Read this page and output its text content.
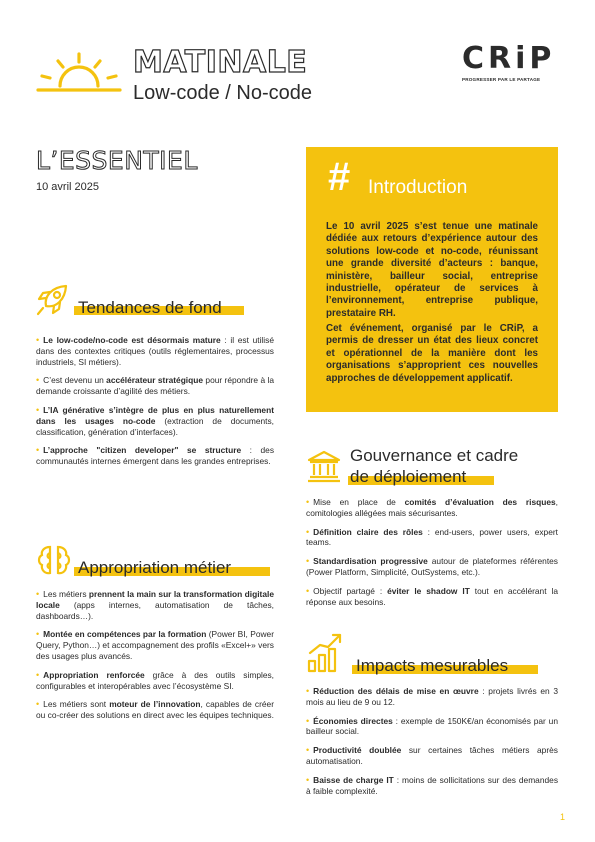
MATINALE
Low-code / No-code
CRiP
PROGRESSER PAR LE PARTAGE
L’ESSENTIEL
10 avril 2025	# Introduction

Le 10 avril 2025 s’est tenue une matinale dédiée aux retours d’expérience autour des solutions low-code et no-code, réunissant une grande diversité d’acteurs : banque, ministère, bailleur social, entreprise industrielle, opérateur de services à l’environnement, entreprise publique, prestataire RH.

Cet événement, organisé par le CRiP, a permis de dresser un état des lieux concret et opérationnel de la manière dont les organisations s’approprient ces nouvelles approches de développement applicatif.

Tendances de fond
• Le low-code/no-code est désormais mature : il est utilisé dans des contextes critiques (outils réglementaires, processus industriels, SI métiers).
• C’est devenu un accélérateur stratégique pour répondre à la demande croissante d’agilité des métiers.
• L’IA générative s’intègre de plus en plus naturellement dans les usages no-code (extraction de documents, classification, génération d’interfaces).
• L’approche "citizen developer" se structure : des communautés internes émergent dans les grandes entreprises.
Appropriation métier
• Les métiers prennent la main sur la transformation digitale locale (apps internes, automatisation de tâches, dashboards…).
• Montée en compétences par la formation (Power BI, Power Query, Python…) et accompagnement des profils «Excel+» vers des usages plus avancés.
• Appropriation renforcée grâce à des outils simples, configurables et interopérables avec l’écosystème SI.
• Les métiers sont moteur de l’innovation, capables de créer ou co-créer des solutions en direct avec les équipes techniques.
Gouvernance et cadre
de déploiement
• Mise en place de comités d’évaluation des risques, comitologies allégées mais sécurisantes.
• Définition claire des rôles : end-users, power users, expert teams.
• Standardisation progressive autour de plateformes référentes (Power Platform, Simplicité, OutSystems, etc.).
• Objectif partagé : éviter le shadow IT tout en accélérant la réponse aux besoins.
Impacts mesurables
• Réduction des délais de mise en œuvre : projets livrés en 3 mois au lieu de 9 ou 12.
• Économies directes : exemple de 150K€/an économisés par un bailleur social.
• Productivité doublée sur certaines tâches métiers après automatisation.
• Baisse de charge IT : moins de sollicitations sur des demandes à faible complexité.
1
